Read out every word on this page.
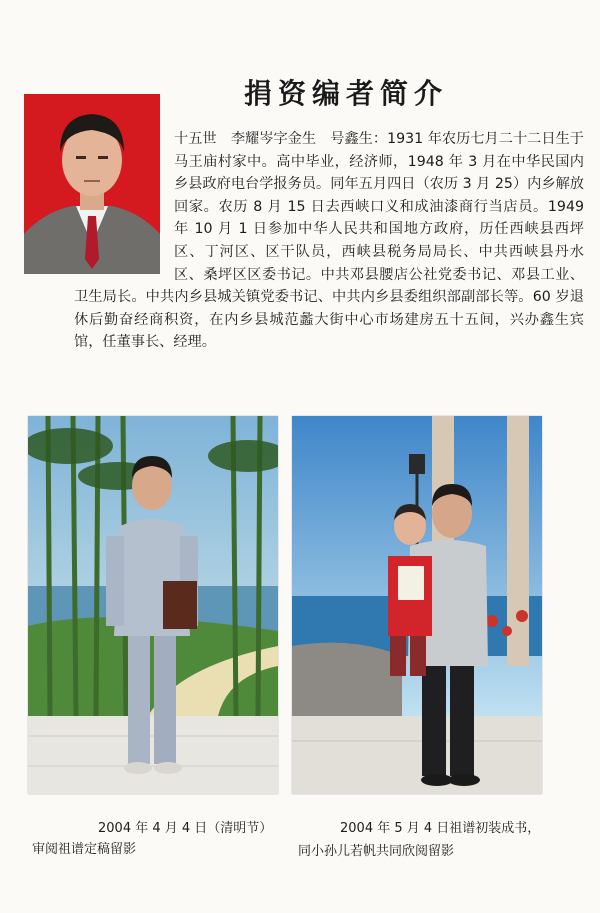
捐资编者简介

十五世　李耀岑字金生　号鑫生：1931 年农历七月二十二日生于马王庙村家中。高中毕业，经济师，1948 年 3 月在中华民国内乡县政府电台学报务员。同年五月四日（农历 3 月 25）内乡解放回家。农历 8 月 15 日去西峡口义和成油漆商行当店员。1949 年 10 月 1 日参加中华人民共和国地方政府，历任西峡县西坪区、丁河区、区干队员，西峡县税务局局长、中共西峡县丹水区、桑坪区区委书记。中共邓县腰店公社党委书记、邓县工业、卫生局长。中共内乡县城关镇党委书记、中共内乡县委组织部副部长等。60 岁退休后勤奋经商积资，在内乡县城范蠡大街中心市场建房五十五间，兴办鑫生宾馆，任董事长、经理。

2004 年 4 月 4 日（清明节）
审阅祖谱定稿留影
2004 年 5 月 4 日祖谱初装成书，
同小孙儿若帆共同欣阅留影
